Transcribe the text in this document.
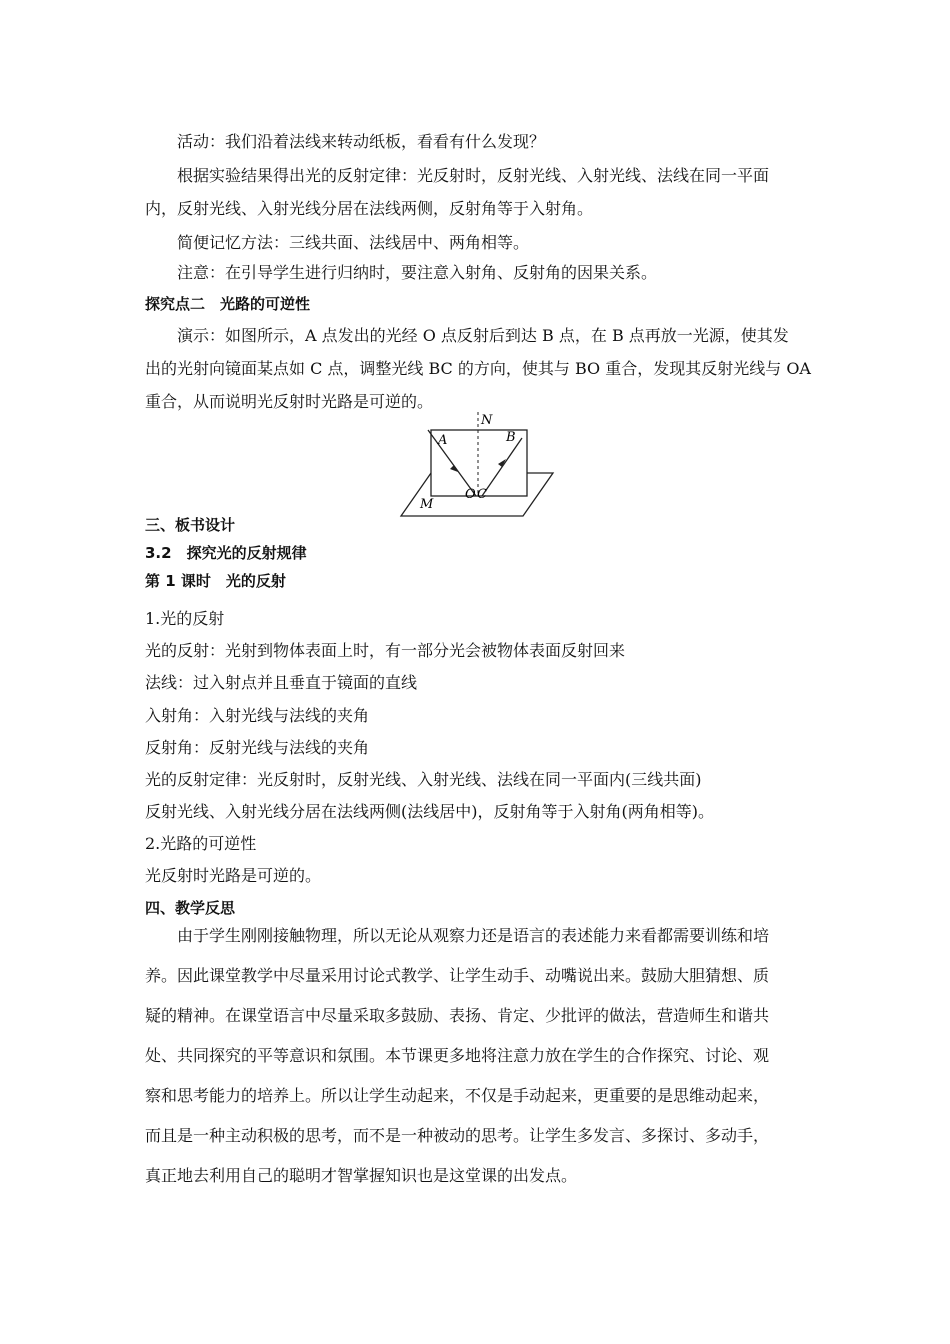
活动：我们沿着法线来转动纸板，看看有什么发现？
根据实验结果得出光的反射定律：光反射时，反射光线、入射光线、法线在同一平面
内，反射光线、入射光线分居在法线两侧，反射角等于入射角。
简便记忆方法：三线共面、法线居中、两角相等。
注意：在引导学生进行归纳时，要注意入射角、反射角的因果关系。
探究点二　光路的可逆性
演示：如图所示，A 点发出的光经 O 点反射后到达 B 点，在 B 点再放一光源，使其发
出的光射向镜面某点如 C 点，调整光线 BC 的方向，使其与 BO 重合，发现其反射光线与 OA
重合，从而说明光反射时光路是可逆的。
N
A	B
O C
M
三、板书设计
3.2　探究光的反射规律
第 1 课时　光的反射
1.光的反射
光的反射：光射到物体表面上时，有一部分光会被物体表面反射回来
法线：过入射点并且垂直于镜面的直线
入射角：入射光线与法线的夹角
反射角：反射光线与法线的夹角
光的反射定律：光反射时，反射光线、入射光线、法线在同一平面内(三线共面)
反射光线、入射光线分居在法线两侧(法线居中)，反射角等于入射角(两角相等)。
2.光路的可逆性
光反射时光路是可逆的。
四、教学反思
由于学生刚刚接触物理，所以无论从观察力还是语言的表述能力来看都需要训练和培
养。因此课堂教学中尽量采用讨论式教学、让学生动手、动嘴说出来。鼓励大胆猜想、质
疑的精神。在课堂语言中尽量采取多鼓励、表扬、肯定、少批评的做法，营造师生和谐共
处、共同探究的平等意识和氛围。本节课更多地将注意力放在学生的合作探究、讨论、观
察和思考能力的培养上。所以让学生动起来，不仅是手动起来，更重要的是思维动起来，
而且是一种主动积极的思考，而不是一种被动的思考。让学生多发言、多探讨、多动手，
真正地去利用自己的聪明才智掌握知识也是这堂课的出发点。
